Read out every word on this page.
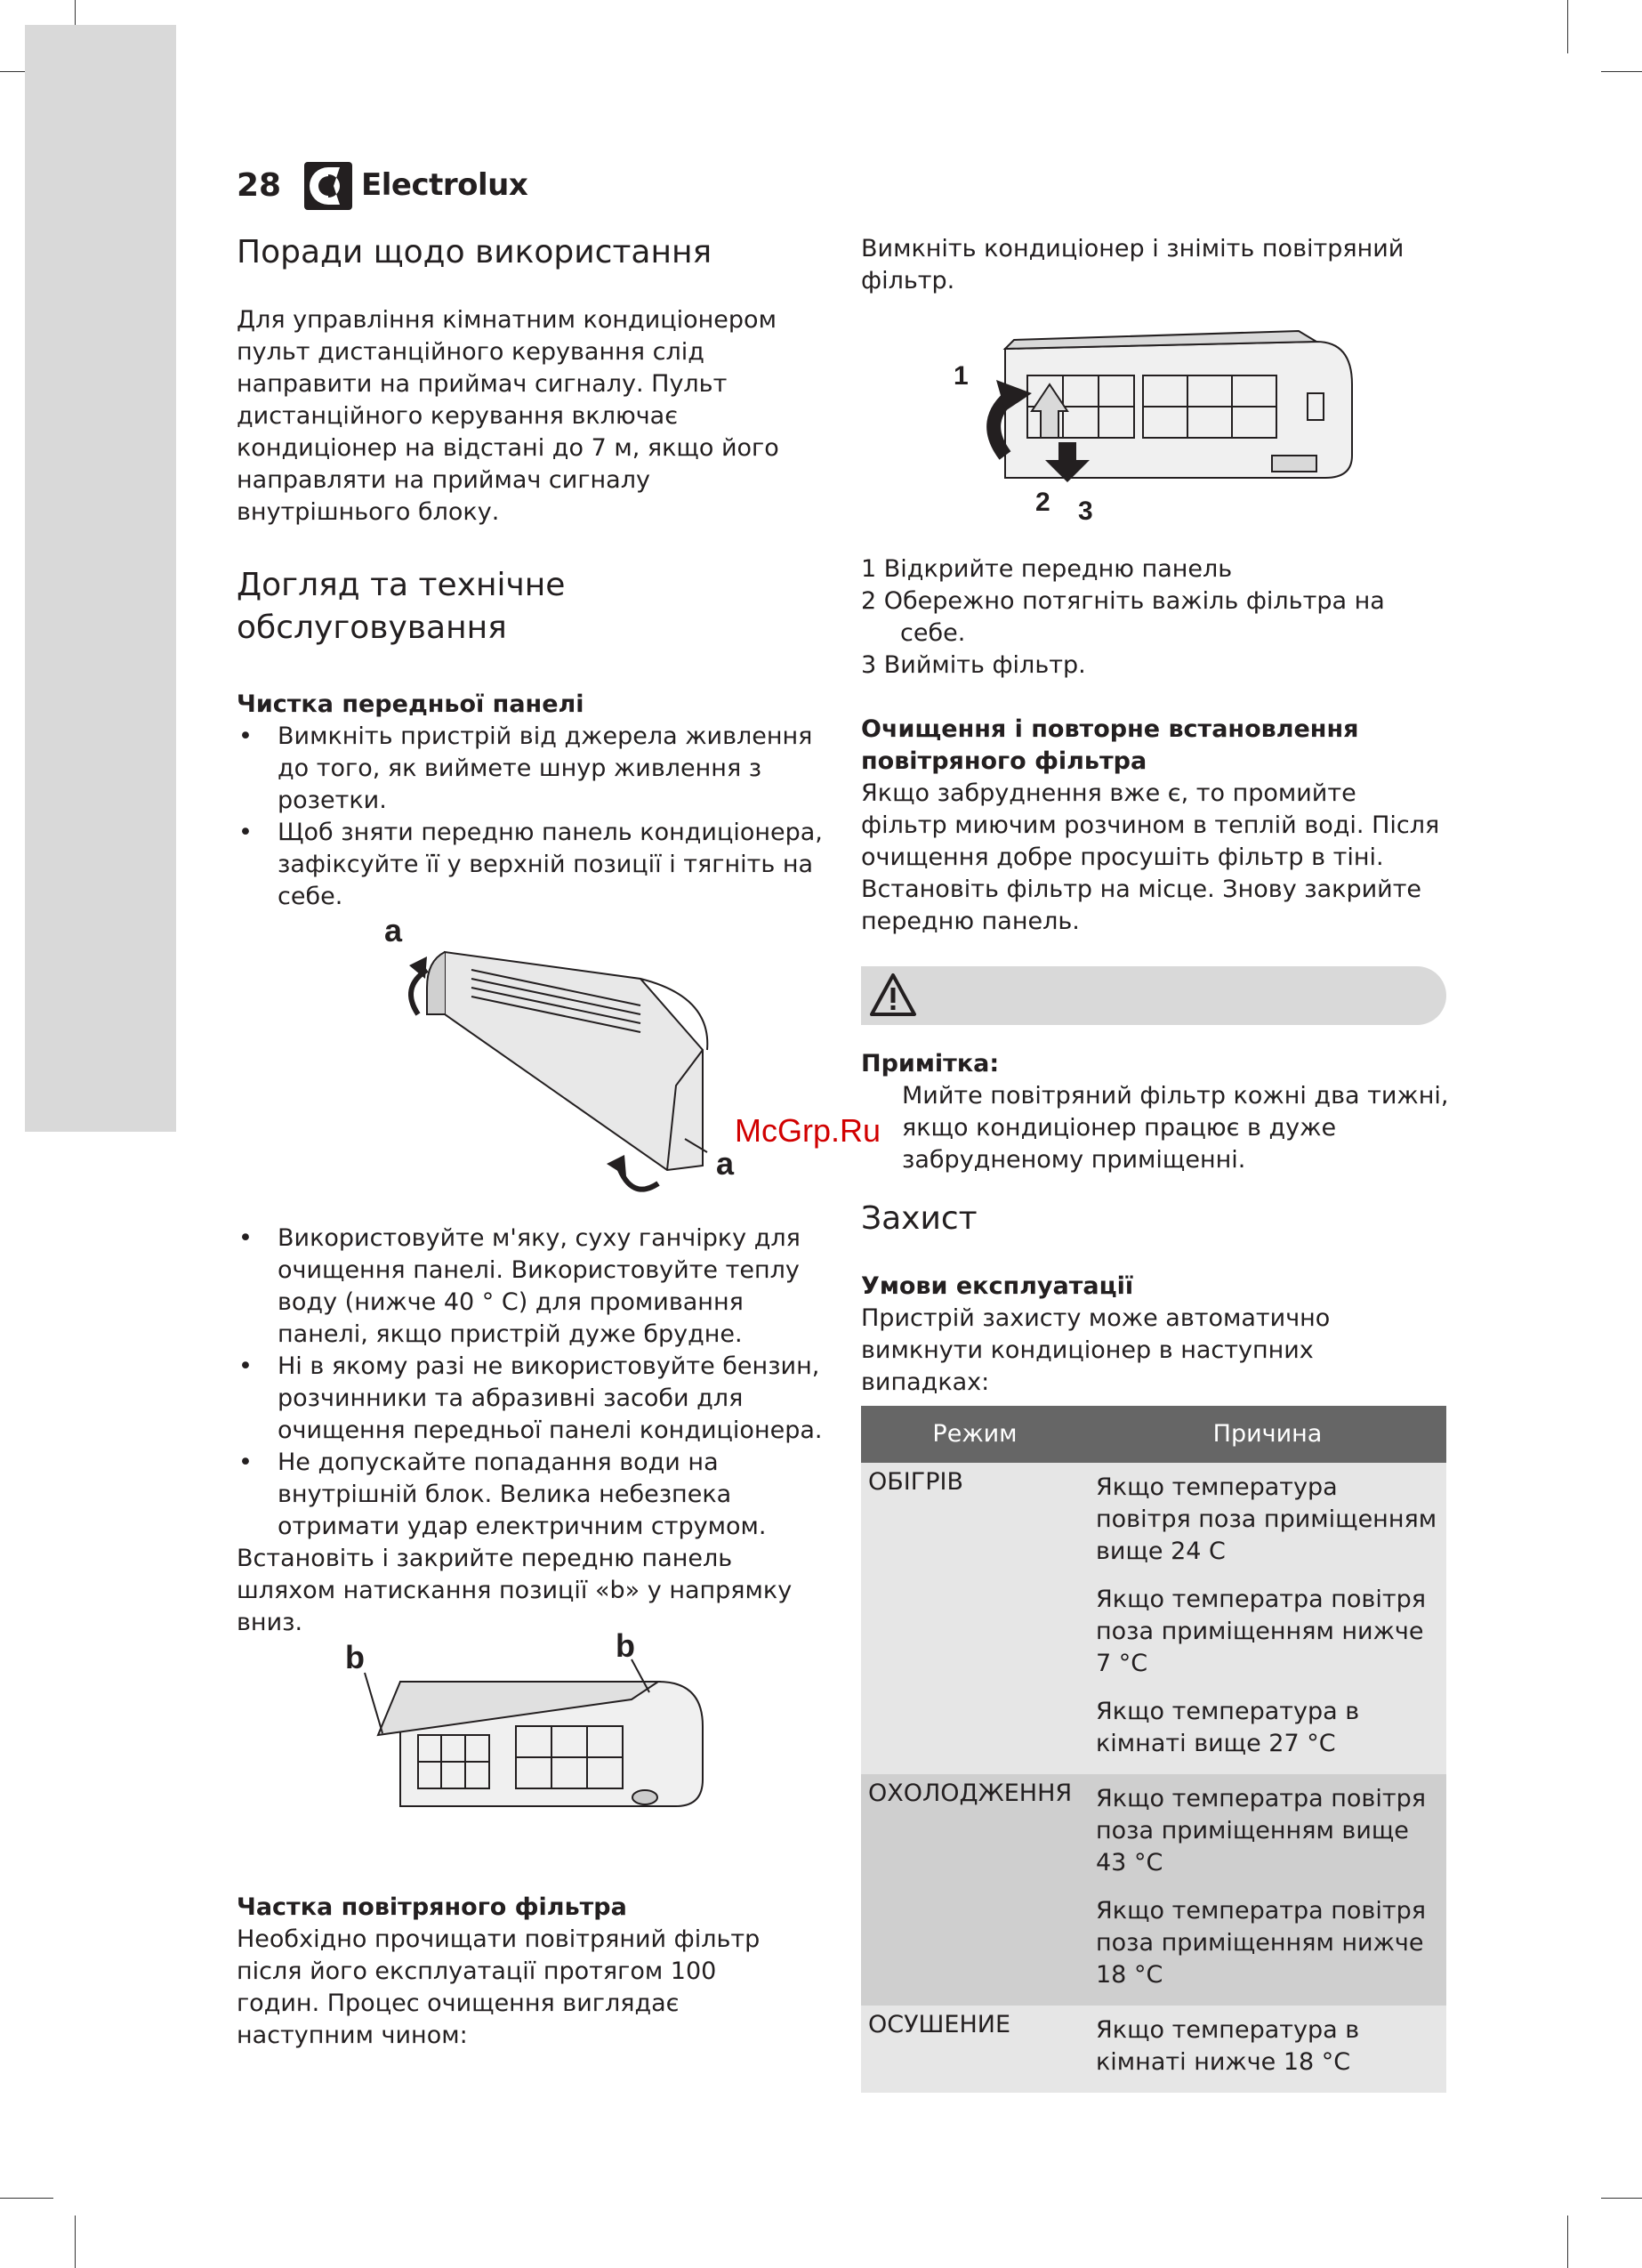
28	Electrolux
Поради щодо використання
Для управління кімнатним кондиціонером пульт дистанційного керування слід направити на приймач сигналу. Пульт дистанційного керування включає кондиціонер на відстані до 7 м, якщо його направляти на приймач сигналу внутрішнього блоку.
Догляд та технічне обслуговування
Чистка передньої панелі
• Вимкніть пристрій від джерела живлення до того, як виймете шнур живлення з розетки.
• Щоб зняти передню панель кондиціонера, зафіксуйте її у верхній позиції і тягніть на себе.
a
a
• Використовуйте м'яку, суху ганчірку для очищення панелі. Використовуйте теплу воду (нижче 40 ° C) для промивання панелі, якщо пристрій дуже брудне.
• Ні в якому разі не використовуйте бензин, розчинники та абразивні засоби для очищення передньої панелі кондиціонера.
• Не допускайте попадання води на внутрішній блок. Велика небезпека отримати удар електричним струмом.
Встановіть і закрийте передню панель шляхом натискання позиції «b» у напрямку вниз.
b	b
Частка повітряного фільтра
Необхідно прочищати повітряний фільтр після його експлуатації протягом 100 годин. Процес очищення виглядає наступним чином:
Вимкніть кондиціонер і зніміть повітряний фільтр.
1
2 3
1 Відкрийте передню панель
2 Обережно потягніть важіль фільтра на себе.
3 Вийміть фільтр.
Очищення і повторне встановлення повітряного фільтра
Якщо забруднення вже є, то промийте фільтр миючим розчином в теплій воді. Після очищення добре просушіть фільтр в тіні. Встановіть фільтр на місце. Знову закрийте передню панель.
Примітка:
Мийте повітряний фільтр кожні два тижні, якщо кондиціонер працює в дуже забрудненому приміщенні.
McGrp.Ru
Захист
Умови експлуатації
Пристрій захисту може автоматично вимкнути кондиціонер в наступних випадках:
Режим	Причина
ОБІГРІВ	Якщо температура повітря поза приміщенням вище 24 C
Якщо температра повітря поза приміщенням нижче 7 °C
Якщо температура в кімнаті вище 27 °C

ОХОЛОДЖЕННЯ	Якщо температра повітря поза приміщенням вище 43 °C
Якщо температра повітря поза приміщенням нижче 18 °C

ОСУШЕНИЕ	Якщо температура в кімнаті нижче 18 °C
